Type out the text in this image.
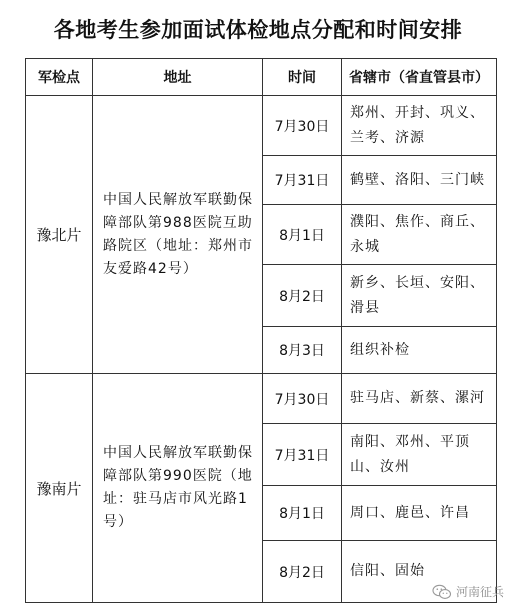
各地考生参加面试体检地点分配和时间安排
军检点	地址	时间	省辖市（省直管县市）
豫北片	中国人民解放军联勤保障部队第988医院互助路院区（地址：郑州市友爱路42号）	7月30日	郑州、开封、巩义、兰考、济源
		7月31日	鹤壁、洛阳、三门峡
		8月1日	濮阳、焦作、商丘、永城
		8月2日	新乡、长垣、安阳、滑县
		8月3日	组织补检
豫南片	中国人民解放军联勤保障部队第990医院（地址：驻马店市风光路1号）	7月30日	驻马店、新蔡、漯河
		7月31日	南阳、邓州、平顶山、汝州
		8月1日	周口、鹿邑、许昌
		8月2日	信阳、固始
河南征兵
